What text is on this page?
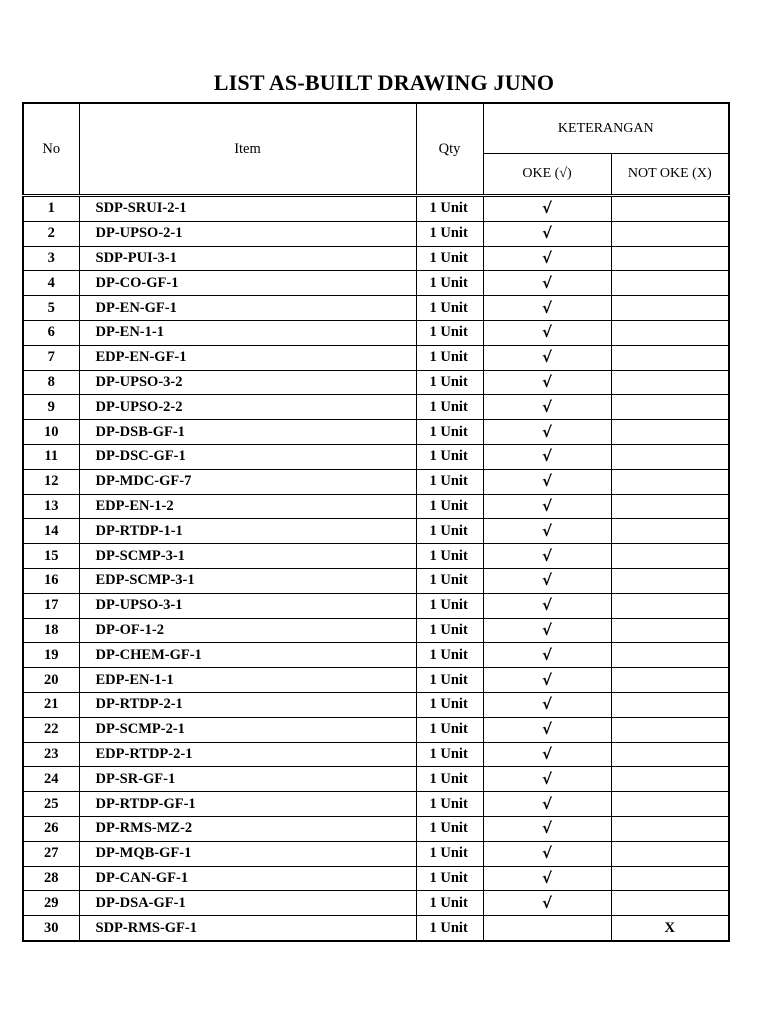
LIST AS-BUILT DRAWING JUNO
No	Item	Qty	KETERANGAN	
			OKE (√)	NOT OKE (X)
1	SDP-SRUI-2-1	1 Unit	√	
2	DP-UPSO-2-1	1 Unit	√	
3	SDP-PUI-3-1	1 Unit	√	
4	DP-CO-GF-1	1 Unit	√	
5	DP-EN-GF-1	1 Unit	√	
6	DP-EN-1-1	1 Unit	√	
7	EDP-EN-GF-1	1 Unit	√	
8	DP-UPSO-3-2	1 Unit	√	
9	DP-UPSO-2-2	1 Unit	√	
10	DP-DSB-GF-1	1 Unit	√	
11	DP-DSC-GF-1	1 Unit	√	
12	DP-MDC-GF-7	1 Unit	√	
13	EDP-EN-1-2	1 Unit	√	
14	DP-RTDP-1-1	1 Unit	√	
15	DP-SCMP-3-1	1 Unit	√	
16	EDP-SCMP-3-1	1 Unit	√	
17	DP-UPSO-3-1	1 Unit	√	
18	DP-OF-1-2	1 Unit	√	
19	DP-CHEM-GF-1	1 Unit	√	
20	EDP-EN-1-1	1 Unit	√	
21	DP-RTDP-2-1	1 Unit	√	
22	DP-SCMP-2-1	1 Unit	√	
23	EDP-RTDP-2-1	1 Unit	√	
24	DP-SR-GF-1	1 Unit	√	
25	DP-RTDP-GF-1	1 Unit	√	
26	DP-RMS-MZ-2	1 Unit	√	
27	DP-MQB-GF-1	1 Unit	√	
28	DP-CAN-GF-1	1 Unit	√	
29	DP-DSA-GF-1	1 Unit	√	
30	SDP-RMS-GF-1	1 Unit		X
